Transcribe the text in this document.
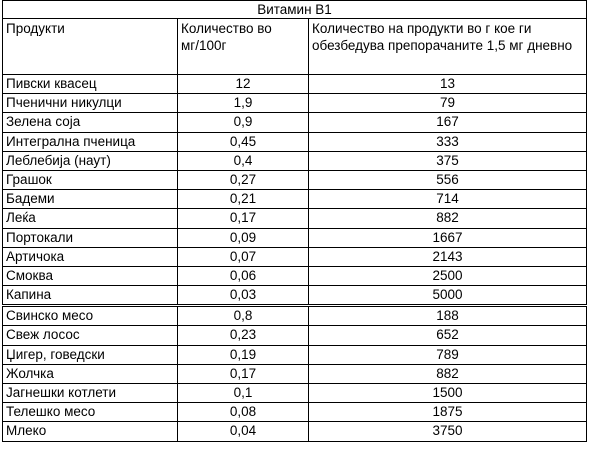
Витамин B1		
Продукти	Количество во мг/100г	Количество на продукти во г кое ги обезбедува препорачаните 1,5 мг дневно
Пивски квасец	12	13
Пченични никулци	1,9	79
Зелена соја	0,9	167
Интегрална пченица	0,45	333
Леблебија (наут)	0,4	375
Грашок	0,27	556
Бадеми	0,21	714
Леќа	0,17	882
Портокали	0,09	1667
Артичока	0,07	2143
Смоква	0,06	2500
Капина	0,03	5000
Свинско месо	0,8	188
Свеж лосос	0,23	652
Џигер, говедски	0,19	789
Жолчка	0,17	882
Јагнешки котлети	0,1	1500
Телешко месо	0,08	1875
Млеко	0,04	3750
